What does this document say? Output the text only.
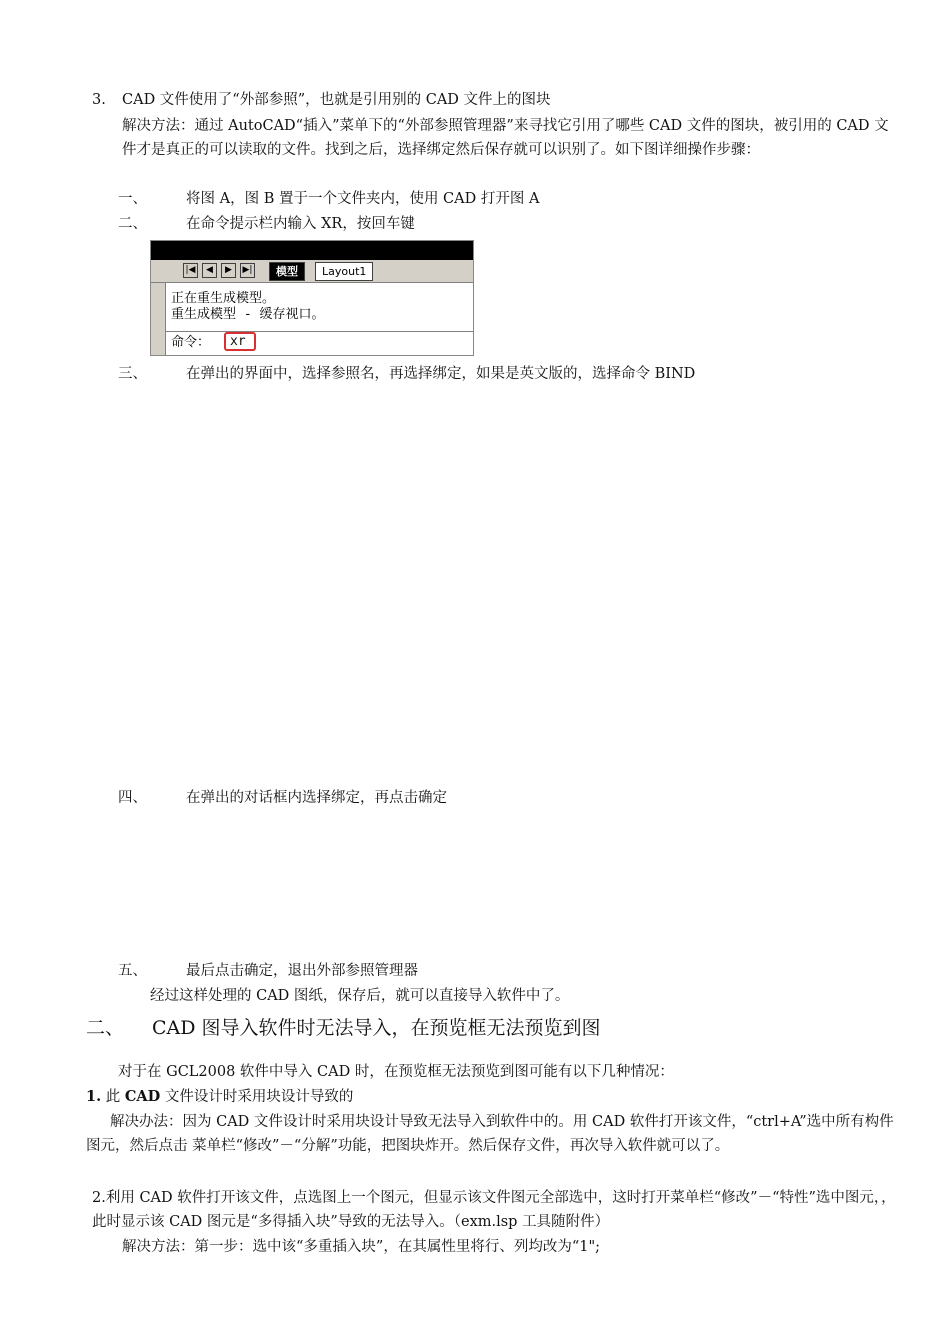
3. CAD 文件使用了“外部参照”，也就是引用别的 CAD 文件上的图块
解决方法：通过 AutoCAD“插入”菜单下的“外部参照管理器”来寻找它引用了哪些 CAD 文件的图块，被引用的 CAD 文件才是真正的可以读取的文件。找到之后，选择绑定然后保存就可以识别了。如下图详细操作步骤：
一、	将图 A，图 B 置于一个文件夹内，使用 CAD 打开图 A
二、	在命令提示栏内输入 XR，按回车键
|◀	◀	▶	▶|	模型	Layout1
正在重生成模型。
重生成模型 - 缓存视口。
命令： xr
三、	在弹出的界面中，选择参照名，再选择绑定，如果是英文版的，选择命令 BIND
四、	在弹出的对话框内选择绑定，再点击确定
五、	最后点击确定，退出外部参照管理器
经过这样处理的 CAD 图纸，保存后，就可以直接导入软件中了。
二、 CAD 图导入软件时无法导入，在预览框无法预览到图
对于在 GCL2008 软件中导入 CAD 时，在预览框无法预览到图可能有以下几种情况：
1. 此 CAD 文件设计时采用块设计导致的
解决办法：因为 CAD 文件设计时采用块设计导致无法导入到软件中的。用 CAD 软件打开该文件，“ctrl+A”选中所有构件图元，然后点击 菜单栏“修改”－“分解”功能，把图块炸开。然后保存文件，再次导入软件就可以了。
2.利用 CAD 软件打开该文件，点选图上一个图元，但显示该文件图元全部选中，这时打开菜单栏“修改”－“特性”选中图元，，此时显示该 CAD 图元是“多得插入块”导致的无法导入。（exm.lsp 工具随附件）
解决方法：第一步：选中该“多重插入块”，在其属性里将行、列均改为“1";
